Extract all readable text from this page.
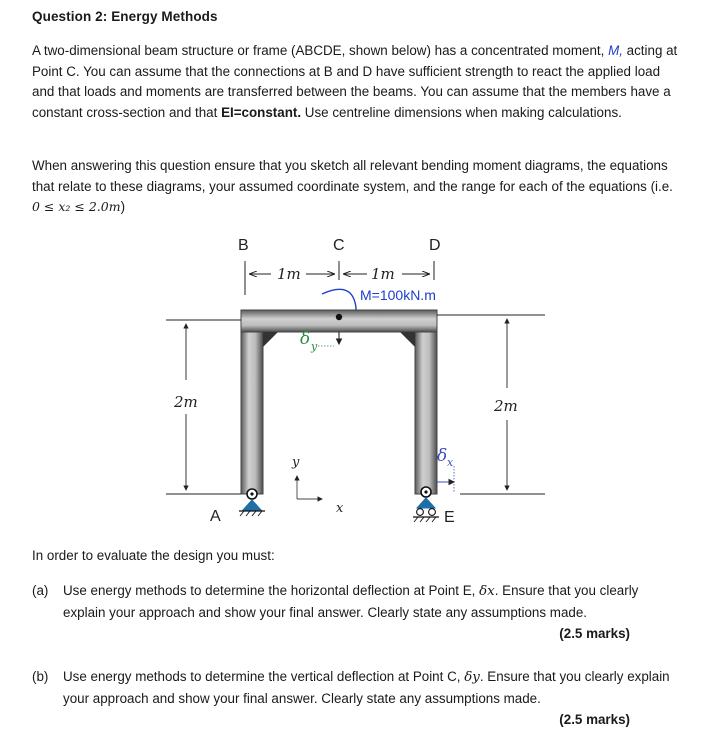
Question 2: Energy Methods
A two-dimensional beam structure or frame (ABCDE, shown below) has a concentrated moment, M, acting at Point C. You can assume that the connections at B and D have sufficient strength to react the applied load and that loads and moments are transferred between the beams. You can assume that the members have a constant cross-section and that EI=constant. Use centreline dimensions when making calculations.
When answering this question ensure that you sketch all relevant bending moment diagrams, the equations that relate to these diagrams, your assumed coordinate system, and the range for each of the equations (i.e. 0 ≤ x₂ ≤ 2.0m)
B	C	D
1m	1m
M=100kN.m
δ y
2m	2m
y
x
δ x
A	E
In order to evaluate the design you must:
(a) Use energy methods to determine the horizontal deflection at Point E, δx. Ensure that you clearly explain your approach and show your final answer. Clearly state any assumptions made.
(2.5 marks)
(b) Use energy methods to determine the vertical deflection at Point C, δy. Ensure that you clearly explain your approach and show your final answer. Clearly state any assumptions made.
(2.5 marks)
